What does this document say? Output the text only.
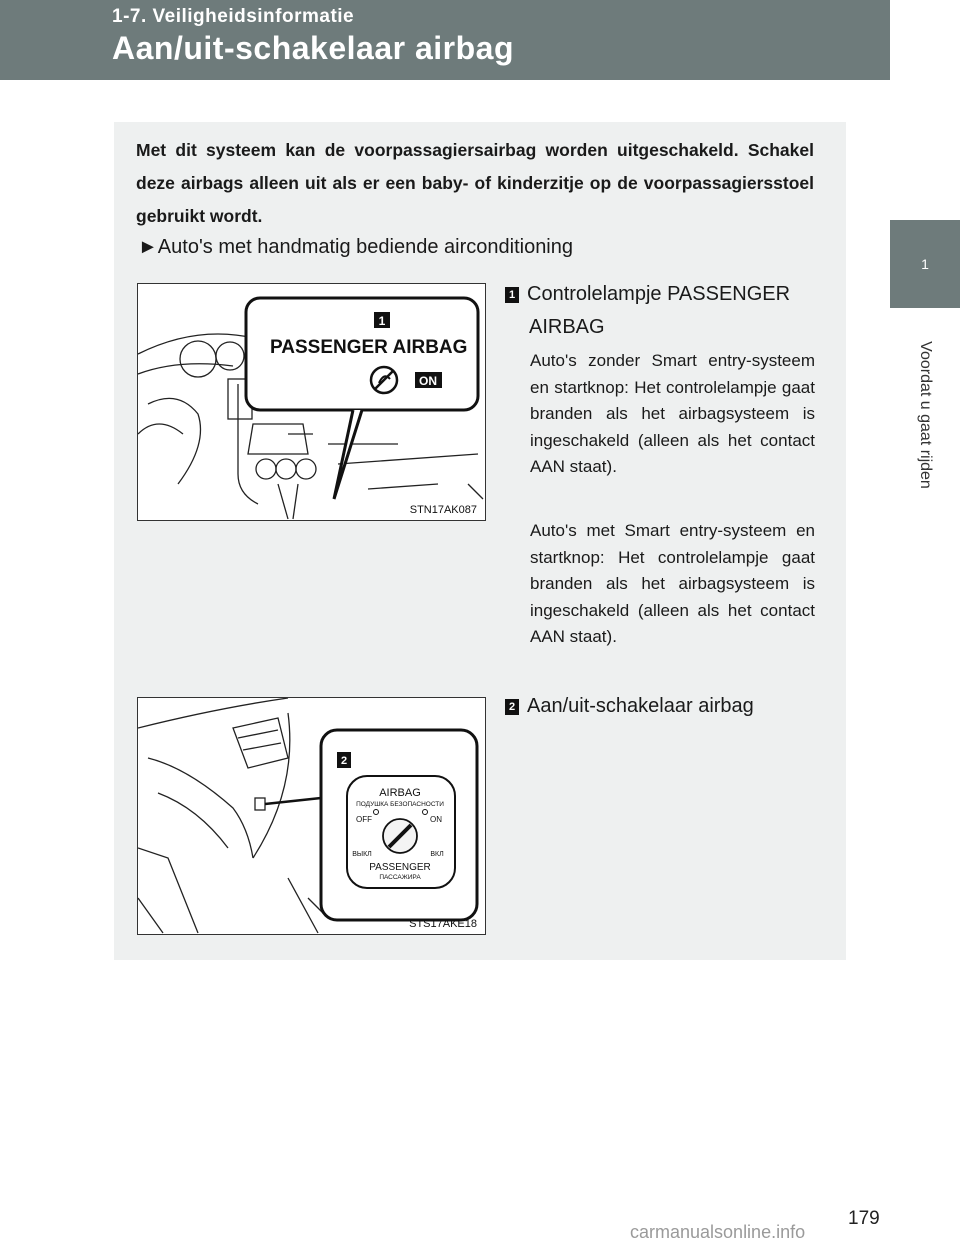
1-7. Veiligheidsinformatie
Aan/uit-schakelaar airbag
1
Voordat u gaat rijden
Met dit systeem kan de voorpassagiersairbag worden uitgeschakeld. Schakel deze airbags alleen uit als er een baby- of kinderzitje op de voorpassagiersstoel gebruikt wordt.
►Auto's met handmatig bediende airconditioning
1
PASSENGER AIRBAG
ON
STN17AK087
2
AIRBAG
ПОДУШКА БЕЗОПАСНОСТИ
OFF	ON
ВЫКЛ	ВКЛ
PASSENGER
ПАССАЖИРА
STS17AKE18
1 Controlelampje PASSENGER
AIRBAG
Auto's zonder Smart entry-systeem en startknop: Het controlelampje gaat branden als het airbagsysteem is ingeschakeld (alleen als het contact AAN staat).
Auto's met Smart entry-systeem en startknop: Het controlelampje gaat branden als het airbagsysteem is ingeschakeld (alleen als het contact AAN staat).
2 Aan/uit-schakelaar airbag
179
carmanualsonline.info
